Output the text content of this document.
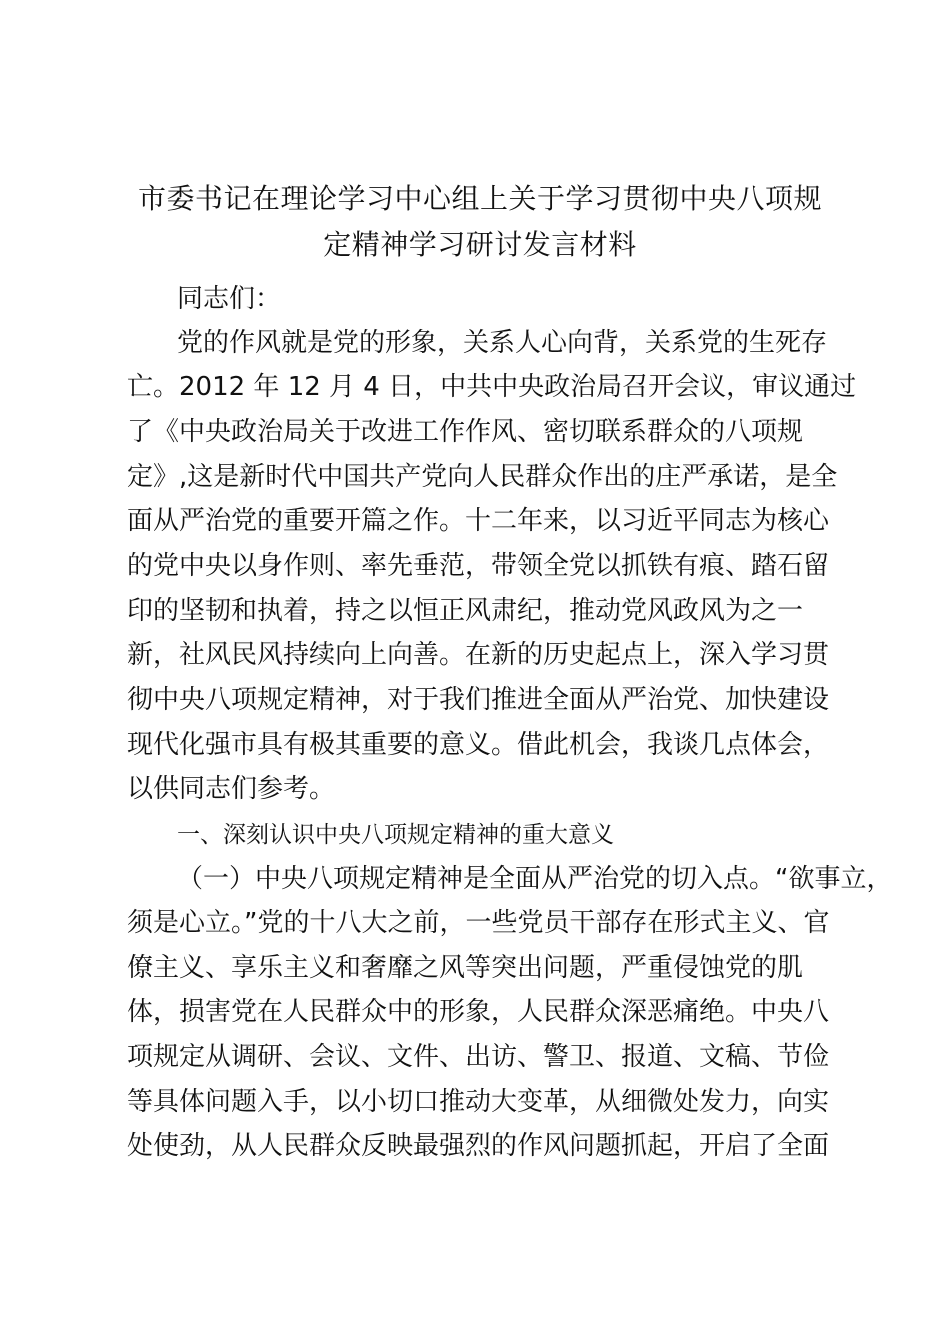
市委书记在理论学习中心组上关于学习贯彻中央八项规
定精神学习研讨发言材料

同志们：

党的作风就是党的形象，关系人心向背，关系党的生死存

亡。2012 年 12 月 4 日，中共中央政治局召开会议，审议通过

了《中央政治局关于改进工作作风、密切联系群众的八项规

定》,这是新时代中国共产党向人民群众作出的庄严承诺，是全

面从严治党的重要开篇之作。十二年来，以习近平同志为核心

的党中央以身作则、率先垂范，带领全党以抓铁有痕、踏石留

印的坚韧和执着，持之以恒正风肃纪，推动党风政风为之一

新，社风民风持续向上向善。在新的历史起点上，深入学习贯

彻中央八项规定精神，对于我们推进全面从严治党、加快建设

现代化强市具有极其重要的意义。借此机会，我谈几点体会，

以供同志们参考。

一、深刻认识中央八项规定精神的重大意义

（一）中央八项规定精神是全面从严治党的切入点。“欲事立，

须是心立。”党的十八大之前，一些党员干部存在形式主义、官

僚主义、享乐主义和奢靡之风等突出问题，严重侵蚀党的肌

体，损害党在人民群众中的形象，人民群众深恶痛绝。中央八

项规定从调研、会议、文件、出访、警卫、报道、文稿、节俭

等具体问题入手，以小切口推动大变革，从细微处发力，向实

处使劲，从人民群众反映最强烈的作风问题抓起，开启了全面
